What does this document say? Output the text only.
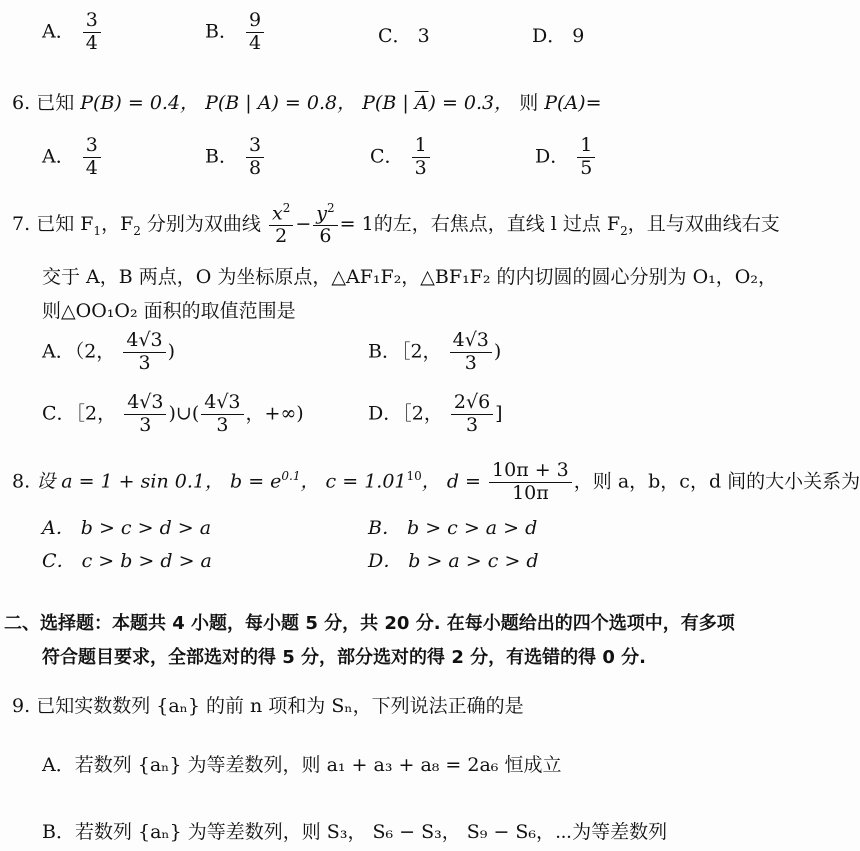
A． $\frac{3}{4}$	B． $\frac{9}{4}$	C． 3	D． 9
6. 已知 P(B) = 0.4， P(B | A) = 0.8， P(B | $\overline{A}) = 0.3$， 则 P(A)=
A． $\frac{3}{4}$	B． $\frac{3}{8}$	C． $\frac{1}{3}$	D． $\frac{1}{5}$
7. 已知 $F_1$，$F_2$ 分别为双曲线 $\frac{x^2}{2} - \frac{y^2}{6} = 1$的左，右焦点，直线 l 过点 $F_2$，且与双曲线右支
交于 A，B 两点，O 为坐标原点，△AF₁F₂，△BF₁F₂ 的内切圆的圆心分别为 O₁，O₂，
则△OO₁O₂ 面积的取值范围是
A．（2， $\frac{4√3}{3}$ )	B．［2， $\frac{4√3}{3}$ )
C．［2， $\frac{4√3}{3}$ )∪( $\frac{4√3}{3}$ ，+∞)	D．［2， $\frac{2√6}{3}$ ]
8. 设 a = 1 + sin 0.1， $b = e^{0.1}$， $c = 1.01^{10}$， $d = \frac{10\pi + 3}{10\pi}$ ，则 a，b，c，d 间的大小关系为
A． b > c > d > a	B． b > c > a > d
C． c > b > d > a	D． b > a > c > d
二、选择题：本题共 4 小题，每小题 5 分，共 20 分. 在每小题给出的四个选项中，有多项
符合题目要求，全部选对的得 5 分，部分选对的得 2 分，有选错的得 0 分.
9. 已知实数数列 {aₙ} 的前 n 项和为 Sₙ，下列说法正确的是
A．若数列 {aₙ} 为等差数列，则 a₁ + a₃ + a₈ = 2a₆ 恒成立
B．若数列 {aₙ} 为等差数列，则 S₃， S₆ − S₃， S₉ − S₆，⋯为等差数列
